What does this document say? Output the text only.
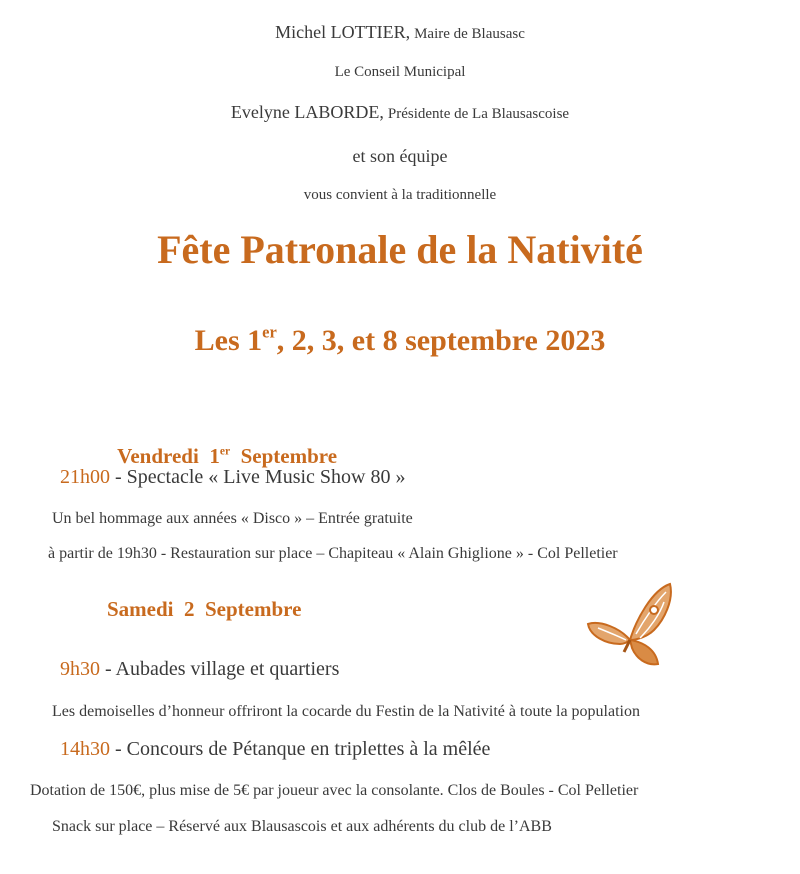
Michel LOTTIER, Maire de Blausasc
Le Conseil Municipal
Evelyne LABORDE, Présidente de La Blausascoise
et son équipe
vous convient à la traditionnelle
Fête Patronale de la Nativité
Les 1er, 2, 3, et 8 septembre 2023

Vendredi  1er  Septembre

21h00 - Spectacle « Live Music Show 80 »
Un bel hommage aux années « Disco » – Entrée gratuite
à partir de 19h30 - Restauration sur place – Chapiteau « Alain Ghiglione » - Col Pelletier
Samedi  2  Septembre
9h30 - Aubades village et quartiers
Les demoiselles d’honneur offriront la cocarde du Festin de la Nativité à toute la population
14h30 - Concours de Pétanque en triplettes à la mêlée
Dotation de 150€, plus mise de 5€ par joueur avec la consolante. Clos de Boules - Col Pelletier
Snack sur place – Réservé aux Blausascois et aux adhérents du club de l’ABB
